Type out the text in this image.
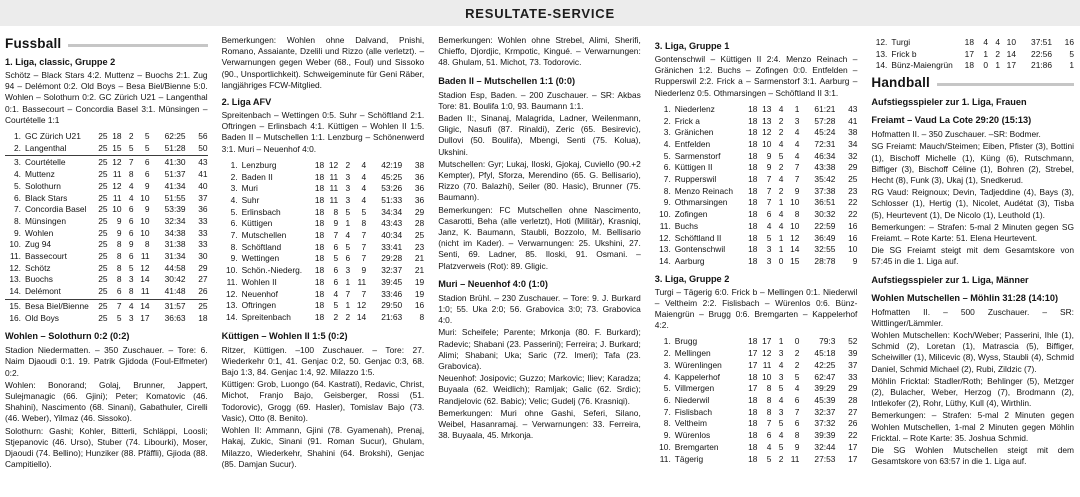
RESULTATE-SERVICE
Fussball
1. Liga, classic, Gruppe 2

Schötz – Black Stars 4:2. Muttenz – Buochs 2:1. Zug 94 – Delémont 0:2. Old Boys – Besa Biel/Bienne 5:0. Wohlen – Solothurn 0:2. GC Zürich U21 – Langenthal 0:1. Bassecourt – Concordia Basel 3:1. Münsingen – Courtételle 1:1

1. GC Zürich U21	25 18 2	5	62:25	56
2. Langenthal	25 15 5	5	51:28	50
3. Courtételle	25 12 7	6	41:30	43
4. Muttenz	25 11 8	6	51:37	41
5. Solothurn	25 12 4	9	41:34	40
6. Black Stars	25 11 4 10	51:55	37
7. Concordia Basel	25 10 6	9	53:39	36
8. Münsingen	25	9 6 10	32:34	33
9. Wohlen	25	9 6 10	34:38	33
10. Zug 94	25	8 9	8	31:38	33
11. Bassecourt	25	8 6 11	31:34	30
12. Schötz	25	8 5 12	44:58	29
13. Buochs	25	8 3 14	30:42	27
14. Delémont	25	6 8 11	41:48	26
15. Besa Biel/Bienne	25	7 4 14	31:57	25
16. Old Boys	25	5 3 17	36:63	18
Wohlen – Solothurn 0:2 (0:2)

Stadion Niedermatten. – 350 Zuschauer. – Tore: 6. Naim Djaoudi 0:1. 19. Patrik Gjidoda (Foul-Elfmeter) 0:2.

Wohlen: Bonorand; Golaj, Brunner, Jappert, Sulejmanagic (66. Gjini); Peter; Komatovic (46. Shahini), Nascimento (68. Sinani), Gabathuler, Cirelli (46. Weber), Yilmaz (46. Sissoko).

Solothurn: Gashi; Kohler, Bitterli, Schläppi, Loosli; Stjepanovic (46. Urso), Stuber (74. Libourki), Moser, Djaoudi (74. Bellino); Hunziker (88. Pfäffli), Gjioda (88. Campitiello).

Bemerkungen: Wohlen ohne Dalvand, Pnishi, Romano, Assaiante, Dzelili und Rizzo (alle verletzt). – Verwarnungen gegen Weber (68., Foul) und Sissoko (90., Unsportlichkeit). Schweigeminute für Geni Räber, langjähriges FCW-Mitglied.

2. Liga AFV

Spreitenbach – Wettingen 0:5. Suhr – Schöftland 2:1. Oftringen – Erlinsbach 4:1. Küttigen – Wohlen II 1:5. Baden II – Mutschellen 1:1. Lenzburg – Schönenwerd 3:1. Muri – Neuenhof 4:0.

1. Lenzburg	18 12 2	4	42:19	38
2. Baden II	18 11 3	4	45:25	36
3. Muri	18 11 3	4	53:26	36
4. Suhr	18 11 3	4	51:33	36
5. Erlinsbach	18	8 5	5	34:34	29
6. Küttigen	18	9 1	8	43:43	28
7. Mutschellen	18	7 4	7	40:34	25
8. Schöftland	18	6 5	7	33:41	23
9. Wettingen	18	5 6	7	29:28	21
10. Schön.-Niederg.	18	6 3	9	32:37	21
11. Wohlen II	18	6 1 11	39:45	19
12. Neuenhof	18	4 7	7	33:46	19
13. Oftringen	18	5 1 12	29:50	16
14. Spreitenbach	18	2 2 14	21:63	8
Küttigen – Wohlen II 1:5 (0:2)

Ritzer, Küttigen. –100 Zuschauer. – Tore: 27. Wiederkehr 0:1, 41. Genjac 0:2, 50. Genjac 0:3, 68. Bajo 1:3, 84. Genjac 1:4, 92. Milazzo 1:5.

Küttigen: Grob, Luongo (64. Kastrati), Redavic, Christ, Michot, Franjo Bajo, Geisberger, Rossi (51. Todorovic), Grogg (69. Hasler), Tomislav Bajo (73. Vasic), Otto (8. Benito).

Wohlen II: Ammann, Gjini (78. Gyamenah), Prenaj, Hakaj, Zukic, Sinani (91. Roman Sucur), Ghulam, Milazzo, Wiederkehr, Shahini (64. Brokshi), Genjac (85. Damjan Sucur).

Bemerkungen: Wohlen ohne Strebel, Alimi, Sherifi, Chieffo, Djordjic, Krmpotic, Kingué. – Verwarnungen: 48. Ghulam, 51. Michot, 73. Todorovic.

Baden II – Mutschellen 1:1 (0:0)

Stadion Esp, Baden. – 200 Zuschauer. – SR: Akbas Tore: 81. Boulifa 1:0, 93. Baumann 1:1.

Baden II:, Sinanaj, Malagrida, Ladner, Weilenmann, Gligic, Nasufi (87. Rinaldi), Zeric (65. Besirevic), Dullovi (50. Boulifa), Mbengi, Senti (75. Kolua), Ukshini.

Mutschellen: Gyr; Lukaj, Iloski, Gjokaj, Cuviello (90.+2 Kempter), Pfyl, Sforza, Merendino (65. G. Bellisario), Rizzo (70. Balazhi), Seiler (80. Hasic), Brunner (75. Baumann).

Bemerkungen: FC Mutschellen ohne Nascimento, Casarotti, Beha (alle verletzt), Hoti (Militär), Krasniqi, Janz, K. Baumann, Staubli, Bozzolo, M. Bellisario (nicht im Kader). – Verwarnungen: 25. Ukshini, 27. Senti, 69. Ladner, 85. Iloski, 91. Osmani. – Platzverweis (Rot): 89. Gligic.

Muri – Neuenhof 4:0 (1:0)

Stadion Brühl. – 230 Zuschauer. – Tore: 9. J. Burkard 1:0; 55. Uka 2:0; 56. Grabovica 3:0; 73. Grabovica 4:0.

Muri: Scheifele; Parente; Mrkonja (80. F. Burkard); Radevic; Shabani (23. Passerini); Ferreira; J. Burkard; Alimi; Shabani; Uka; Saric (72. Imeri); Tafa (23. Grabovica).

Neuenhof: Josipovic; Guzzo; Markovic; Iliev; Karadza; Buyaala (62. Weidlich); Ramljak; Galic (62. Srdic); Randjelovic (62. Babic); Velic; Gudelj (76. Krasniqi).

Bemerkungen: Muri ohne Gashi, Seferi, Silano, Weibel, Hasanramaj. – Verwarnungen: 33. Ferreira, 38. Buyaala, 45. Mrkonja.

3. Liga, Gruppe 1

Gontenschwil – Küttigen II 2:4. Menzo Reinach – Gränichen 1:2. Buchs – Zofingen 0:0. Entfelden – Rupperswil 2:2. Frick a – Sarmenstorf 3:1. Aarburg – Niederlenz 0:5. Othmarsingen – Schöftland II 3:1.

1. Niederlenz	18 13 4	1	61:21	43
2. Frick a	18 13 2	3	57:28	41
3. Gränichen	18 12 2	4	45:24	38
4. Entfelden	18 10 4	4	72:31	34
5. Sarmenstorf	18	9 5	4	46:34	32
6. Küttigen II	18	9 2	7	43:38	29
7. Rupperswil	18	7 4	7	35:42	25
8. Menzo Reinach	18	7 2	9	37:38	23
9. Othmarsingen	18	7 1 10	36:51	22
10. Zofingen	18	6 4	8	30:32	22
11. Buchs	18	4 4 10	22:59	16
12. Schöftland II	18	5 1 12	36:49	16
13. Gontenschwil	18	3 1 14	32:55	10
14. Aarburg	18	3 0 15	28:78	9
3. Liga, Gruppe 2

Turgi – Tägerig 6:0. Frick b – Mellingen 0:1. Niederwil – Veltheim 2:2. Fislisbach – Würenlos 0:6. Bünz-Maiengrün – Brugg 0:6. Bremgarten – Kappelerhof 4:2.

1. Brugg	18 17 1	0	79:3	52
2. Mellingen	17 12 3	2	45:18	39
3. Würenlingen	17 11 4	2	42:25	37
4. Kappelerhof	18 10 3	5	62:47	33
5. Villmergen	17	8 5	4	39:29	29
6. Niederwil	18	8 4	6	45:39	28
7. Fislisbach	18	8 3	7	32:37	27
8. Veltheim	18	7 5	6	37:32	26
9. Würenlos	18	6 4	8	39:39	22
10. Bremgarten	18	4 5	9	32:44	17
11. Tägerig	18	5 2 11	27:53	17
12. Turgi	18	4 4 10	37:51	16
13. Frick b	17	1 2 14	22:56	5
14. Bünz-Maiengrün	18	0 1 17	21:86	1
Handball
Aufstiegsspieler zur 1. Liga, Frauen
Freiamt – Vaud La Cote 29:20 (15:13)

Hofmatten II. – 350 Zuschauer. –SR: Bodmer.

SG Freiamt: Mauch/Steimen; Eiben, Pfister (3), Bottini (1), Bischoff Michelle (1), Küng (6), Rutschmann, Biffiger (3), Bischoff Céline (1), Bohren (2), Strebel, Hecht (8), Funk (3), Ukaj (1), Snedkerud.

RG Vaud: Reignoux; Devin, Tadjeddine (4), Bays (3), Schlosser (1), Hertig (1), Nicolet, Audétat (3), Tisba (5), Heurtevent (1), De Nicolo (1), Leuthold (1).

Bemerkungen: – Strafen: 5-mal 2 Minuten gegen SG Freiamt. – Rote Karte: 51. Elena Heurtevent.

Die SG Freiamt steigt mit dem Gesamtskore von 57:45 in die 1. Liga auf.

Aufstiegsspieler zur 1. Liga, Männer
Wohlen Mutschellen – Möhlin 31:28 (14:10)

Hofmatten II. – 500 Zuschauer. – SR: Wittlinger/Lämmler.

Wohlen Mutschellen: Koch/Weber; Passerini, Ihle (1), Schmid (2), Loretan (1), Matrascia (5), Biffiger, Scheiwiller (1), Milicevic (8), Wyss, Staubli (4), Schmid Daniel, Schmid Michael (2), Rubi, Zildzic (7).

Möhlin Fricktal: Stadler/Roth; Behlinger (5), Metzger (2), Bulacher, Weber, Herzog (7), Brodmann (2), Intlekofer (2), Rohr, Lüthy, Kull (4), Wirthlin.

Bemerkungen: – Strafen: 5-mal 2 Minuten gegen Wohlen Mutschellen, 1-mal 2 Minuten gegen Möhlin Fricktal. – Rote Karte: 35. Joshua Schmid.

Die SG Wohlen Mutschellen steigt mit dem Gesamtskore von 63:57 in die 1. Liga auf.
